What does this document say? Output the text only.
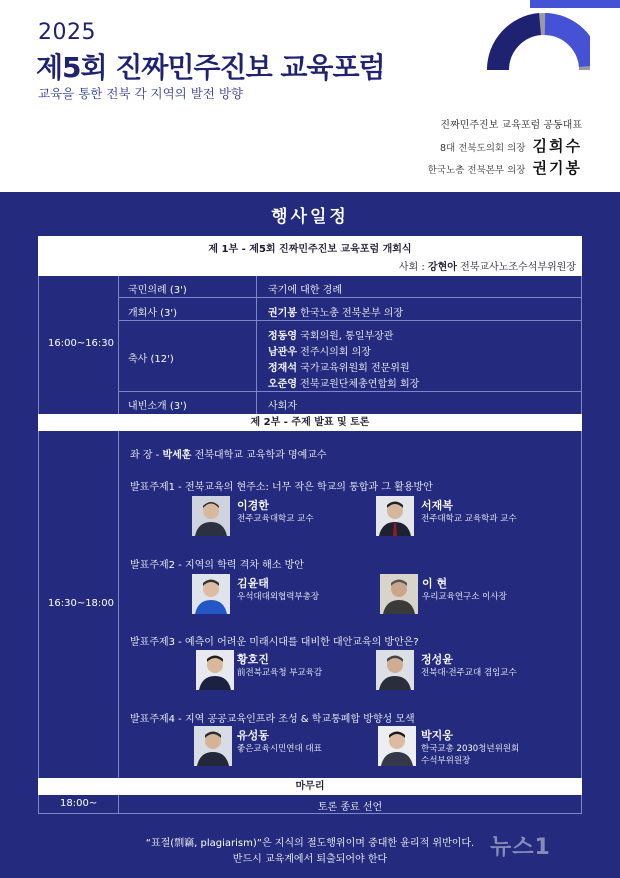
2025
제5회 진짜민주진보 교육포럼
교육을 통한 전북 각 지역의 발전 방향
진짜민주진보 교육포럼 공동대표
8대 전북도의회 의장 김희수
한국노총 전북본부 의장 권기봉
행사일정
제 1부 - 제5회 진짜민주진보 교육포럼 개회식
사회 : 강현아 전북교사노조수석부위원장
16:00~16:30
국민의례 (3')	국기에 대한 경례
개회사 (3')	권기봉 한국노총 전북본부 의장
축사 (12')
정동영 국회의원, 통일부장관
남관우 전주시의회 의장
정재석 국가교육위원회 전문위원
오준영 전북교원단체총연합회 회장
내빈소개 (3')	사회자
제 2부 - 주제 발표 및 토론
16:30~18:00
좌 장 - 박세훈 전북대학교 교육학과 명예교수
발표주제1 - 전북교육의 현주소: 너무 작은 학교의 통합과 그 활용방안
이경한
전주교육대학교 교수
서재복
전주대학교 교육학과 교수
발표주제2 - 지역의 학력 격차 해소 방안
김윤태
우석대대외협력부총장
이 현
우리교육연구소 이사장
발표주제3 - 예측이 어려운 미래시대를 대비한 대안교육의 방안은?
황호진
前전북교육청 부교육감
정성윤
전북대·전주교대 겸임교수
발표주제4 - 지역 공공교육인프라 조성 & 학교통폐합 방향성 모색
유성동
좋은교육시민연대 대표
박지웅
한국교총 2030청년위원회
수석부위원장
마무리
18:00~	토론 종료 선언
“표절(剽竊, plagiarism)”은 지식의 절도행위이며 중대한 윤리적 위반이다.
반드시 교육계에서 퇴출되어야 한다	뉴스1
